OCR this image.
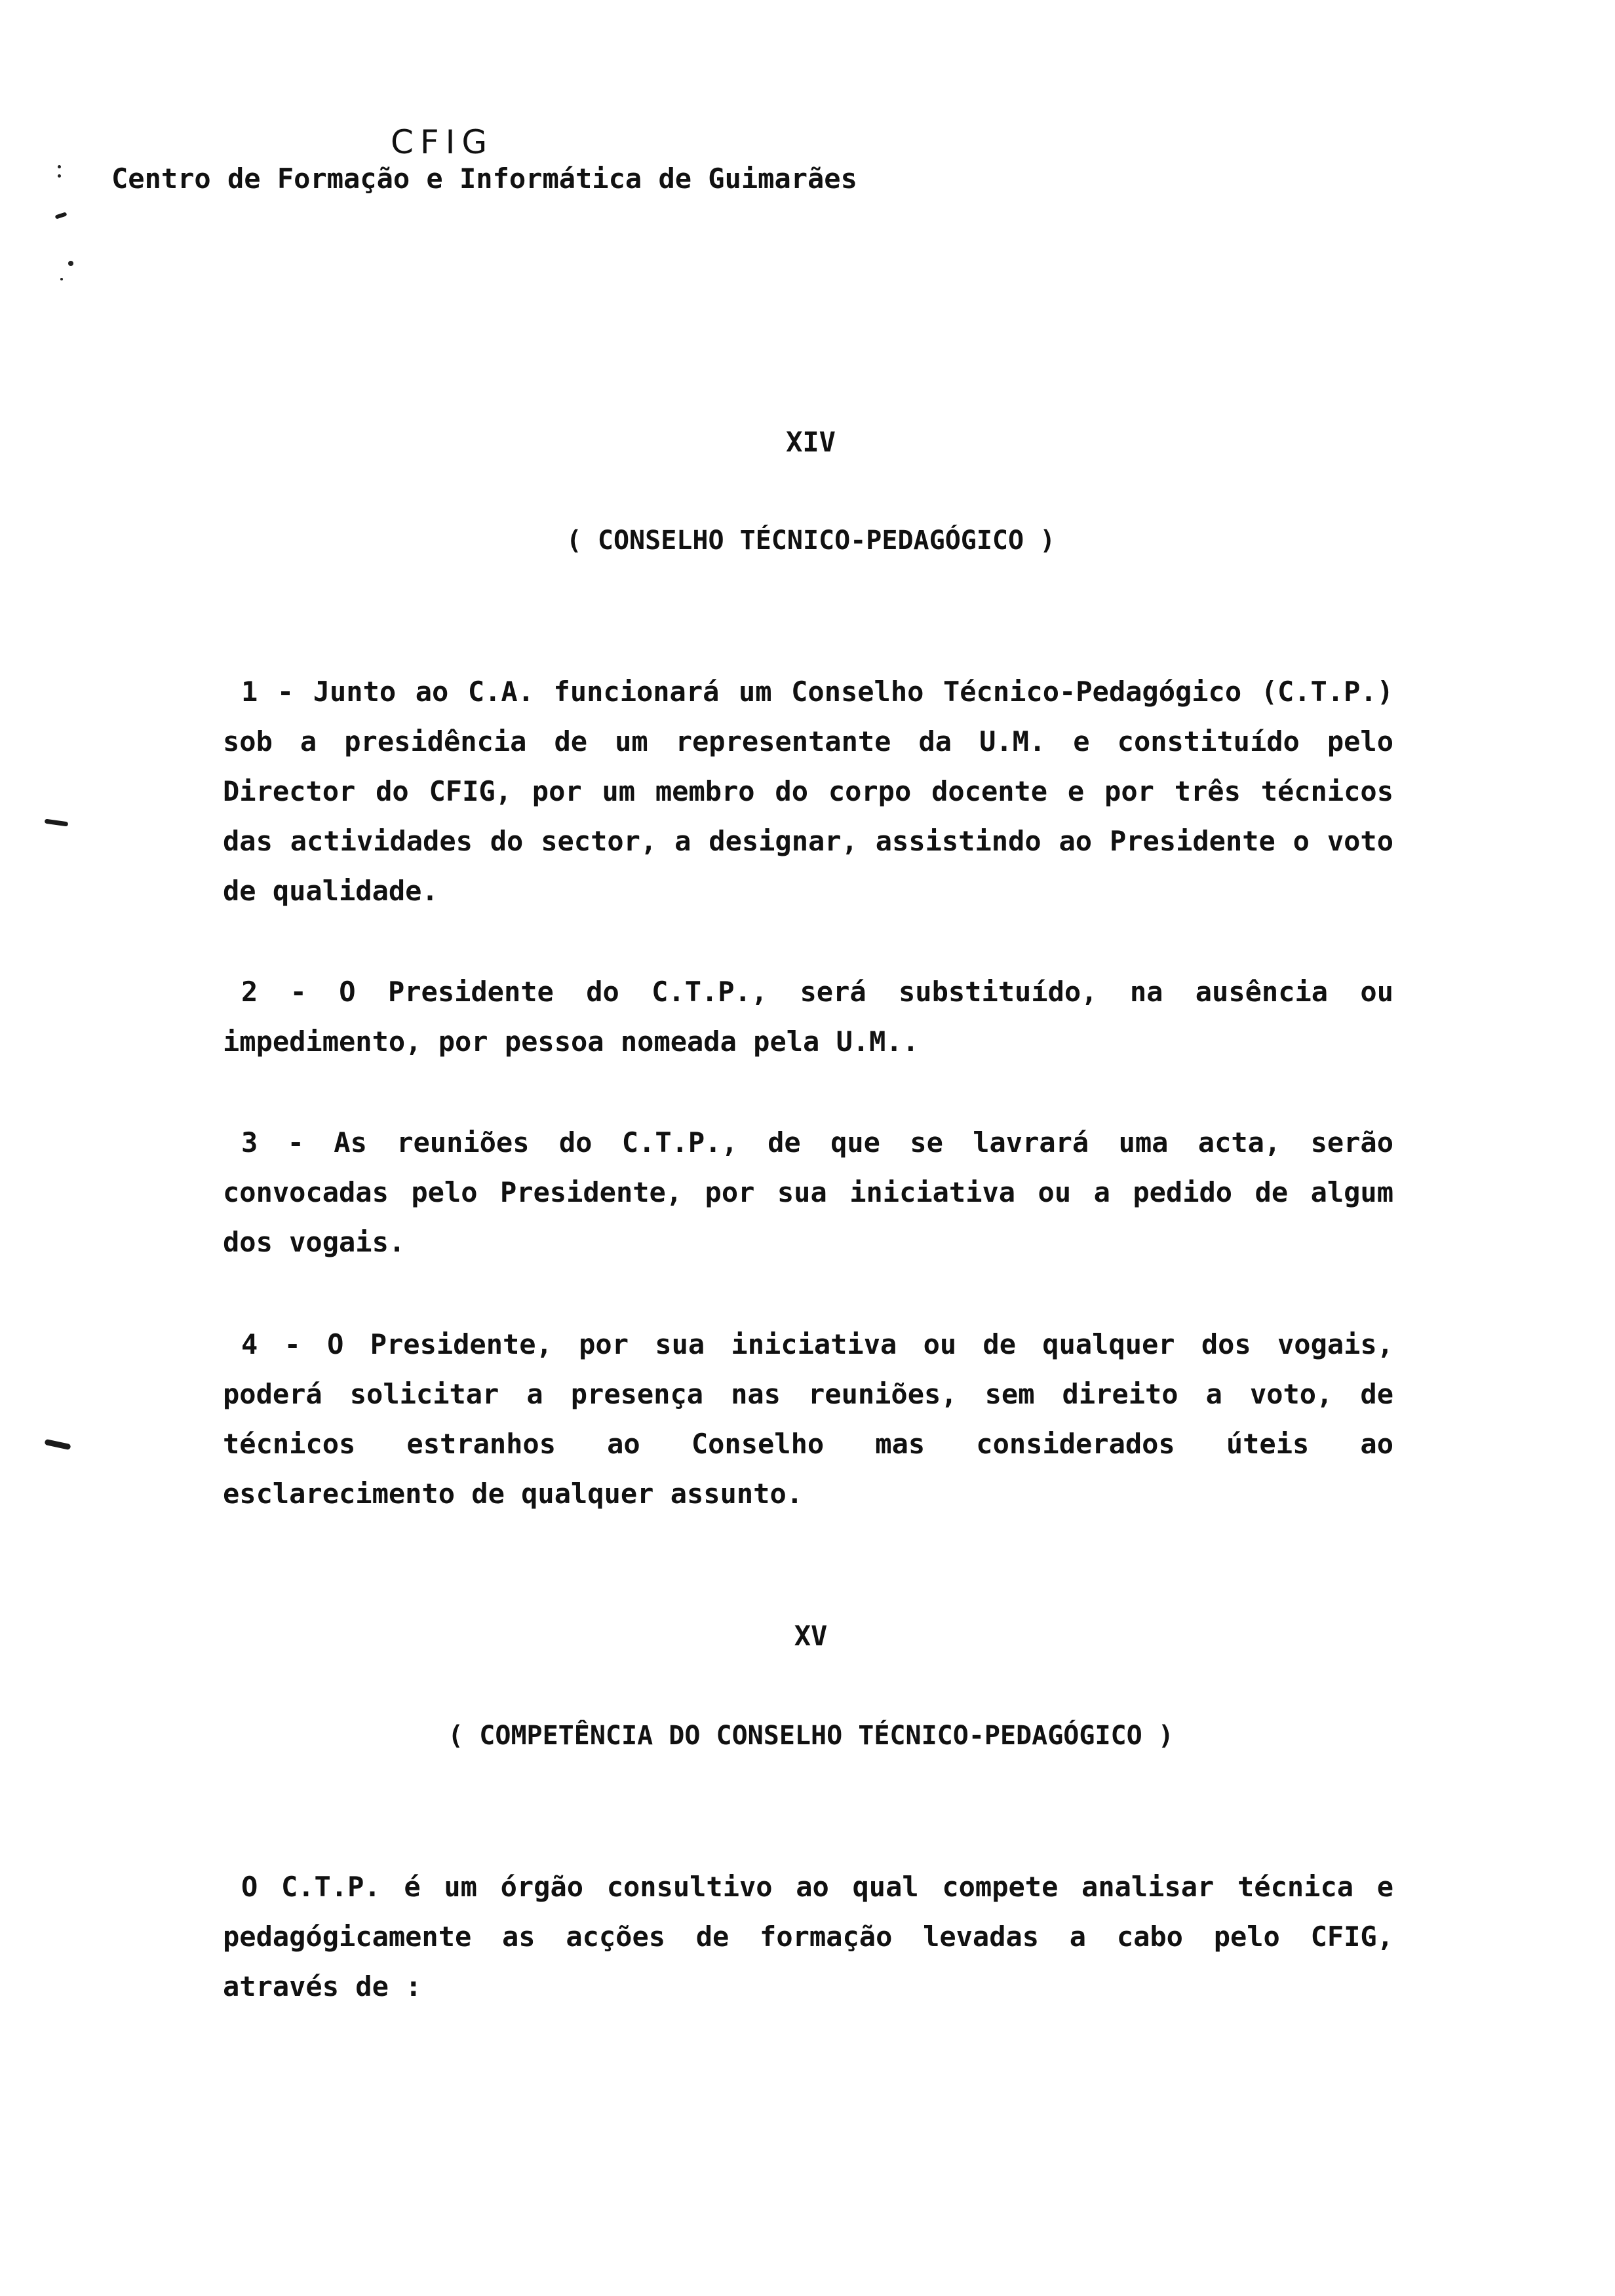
CFIG
Centro de Formação e Informática de Guimarães
XIV
( CONSELHO TÉCNICO-PEDAGÓGICO )
1 - Junto ao C.A. funcionará um Conselho Técnico-Pedagógico (C.T.P.) sob a presidência de um representante da U.M. e constituído pelo Director do CFIG, por um membro do corpo docente e por três técnicos das actividades do sector, a designar, assistindo ao Presidente o voto de qualidade.
2 - O Presidente do C.T.P., será substituído, na ausência ou impedimento, por pessoa nomeada pela U.M..
3 - As reuniões do C.T.P., de que se lavrará uma acta, serão convocadas pelo Presidente, por sua iniciativa ou a pedido de algum dos vogais.
4 - O Presidente, por sua iniciativa ou de qualquer dos vogais, poderá solicitar a presença nas reuniões, sem direito a voto, de técnicos estranhos ao Conselho mas considerados úteis ao esclarecimento de qualquer assunto.
XV
( COMPETÊNCIA DO CONSELHO TÉCNICO-PEDAGÓGICO )
O C.T.P. é um órgão consultivo ao qual compete analisar técnica e pedagógicamente as acções de formação levadas a cabo pelo CFIG, através de :
